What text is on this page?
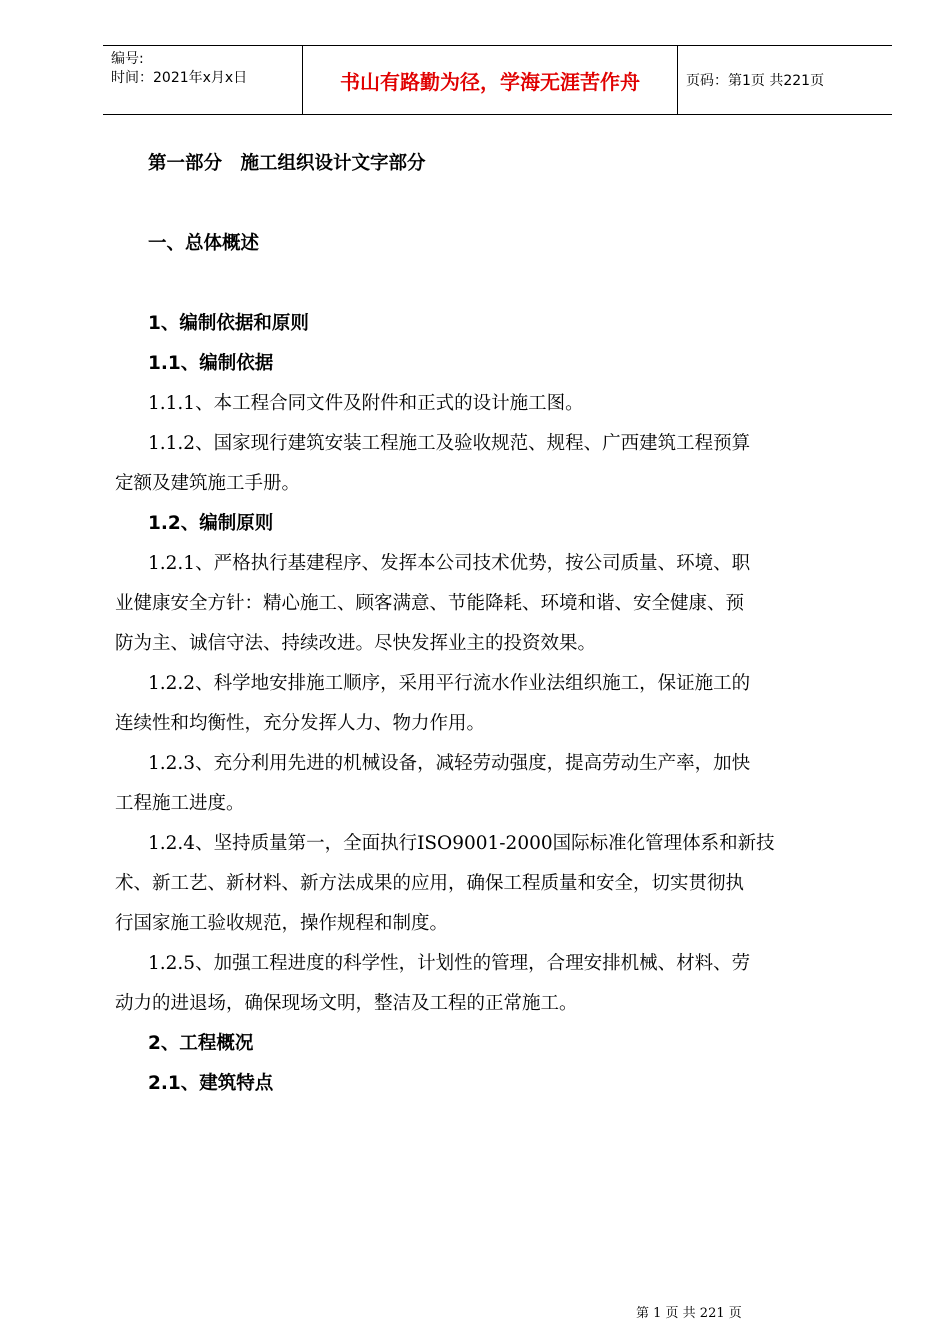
编号:
时间：2021年x月x日	书山有路勤为径，学海无涯苦作舟	页码：第1页 共221页
第一部分　施工组织设计文字部分
一、总体概述
1、编制依据和原则
1.1、编制依据
1.1.1、本工程合同文件及附件和正式的设计施工图。
1.1.2、国家现行建筑安装工程施工及验收规范、规程、广西建筑工程预算
定额及建筑施工手册。
1.2、编制原则
1.2.1、严格执行基建程序、发挥本公司技术优势，按公司质量、环境、职
业健康安全方针：精心施工、顾客满意、节能降耗、环境和谐、安全健康、预
防为主、诚信守法、持续改进。尽快发挥业主的投资效果。
1.2.2、科学地安排施工顺序，采用平行流水作业法组织施工，保证施工的
连续性和均衡性，充分发挥人力、物力作用。
1.2.3、充分利用先进的机械设备，减轻劳动强度，提高劳动生产率，加快
工程施工进度。
1.2.4、坚持质量第一，全面执行ISO9001-2000国际标准化管理体系和新技
术、新工艺、新材料、新方法成果的应用，确保工程质量和安全，切实贯彻执
行国家施工验收规范，操作规程和制度。
1.2.5、加强工程进度的科学性，计划性的管理，合理安排机械、材料、劳
动力的进退场，确保现场文明，整洁及工程的正常施工。
2、工程概况
2.1、建筑特点
第 1 页 共 221 页
